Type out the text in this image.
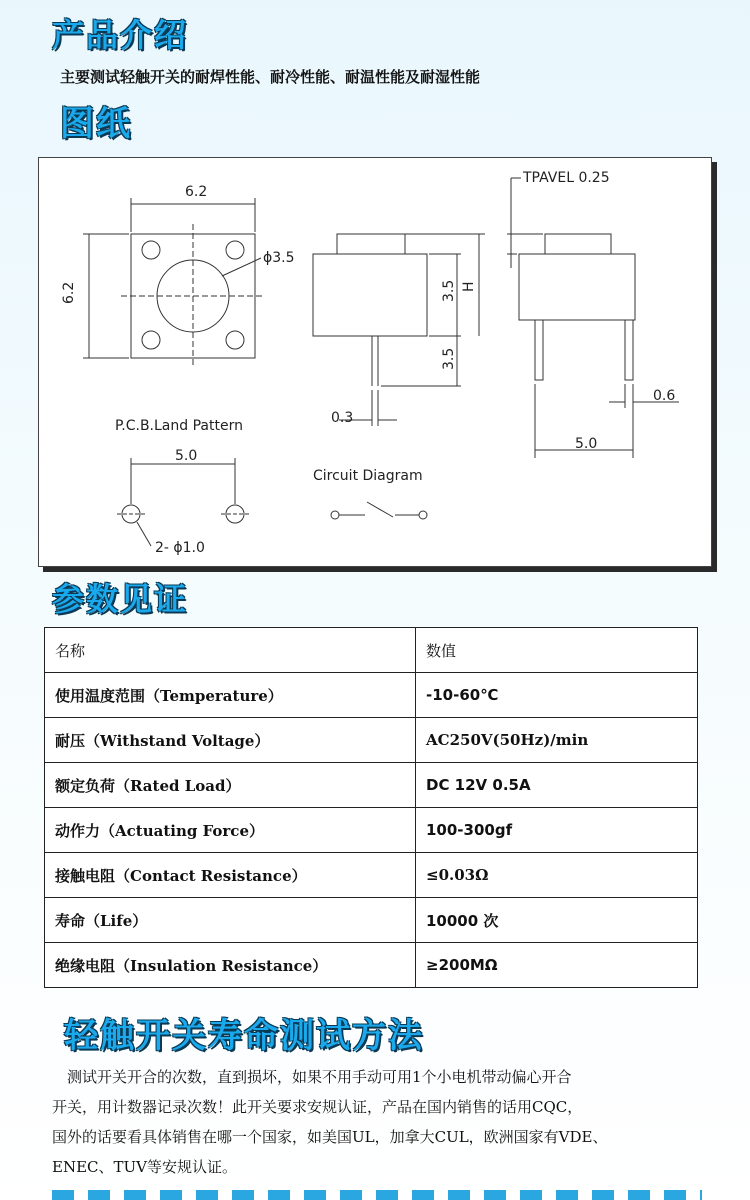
产品介绍
主要测试轻触开关的耐焊性能、耐冷性能、耐温性能及耐湿性能
图纸
6.2
6.2
ϕ3.5
3.5 H
3.5
0.3
TPAVEL 0.25
0.6
5.0
P.C.B.Land Pattern
5.0
2- ϕ1.0
Circuit Diagram
参数见证
名称	数值
使用温度范围（Temperature）	-10-60℃
耐压（Withstand Voltage）	AC250V(50Hz)/min
额定负荷（Rated Load）	DC 12V 0.5A
动作力（Actuating Force）	100-300gf
接触电阻（Contact Resistance）	≤0.03Ω
寿命（Life）	10000 次
绝缘电阻（Insulation Resistance）	≥200MΩ
轻触开关寿命测试方法

　测试开关开合的次数，直到损坏，如果不用手动可用1个小电机带动偏心开合

开关，用计数器记录次数！此开关要求安规认证，产品在国内销售的话用CQC，

国外的话要看具体销售在哪一个国家，如美国UL，加拿大CUL，欧洲国家有VDE、

ENEC、TUV等安规认证。
